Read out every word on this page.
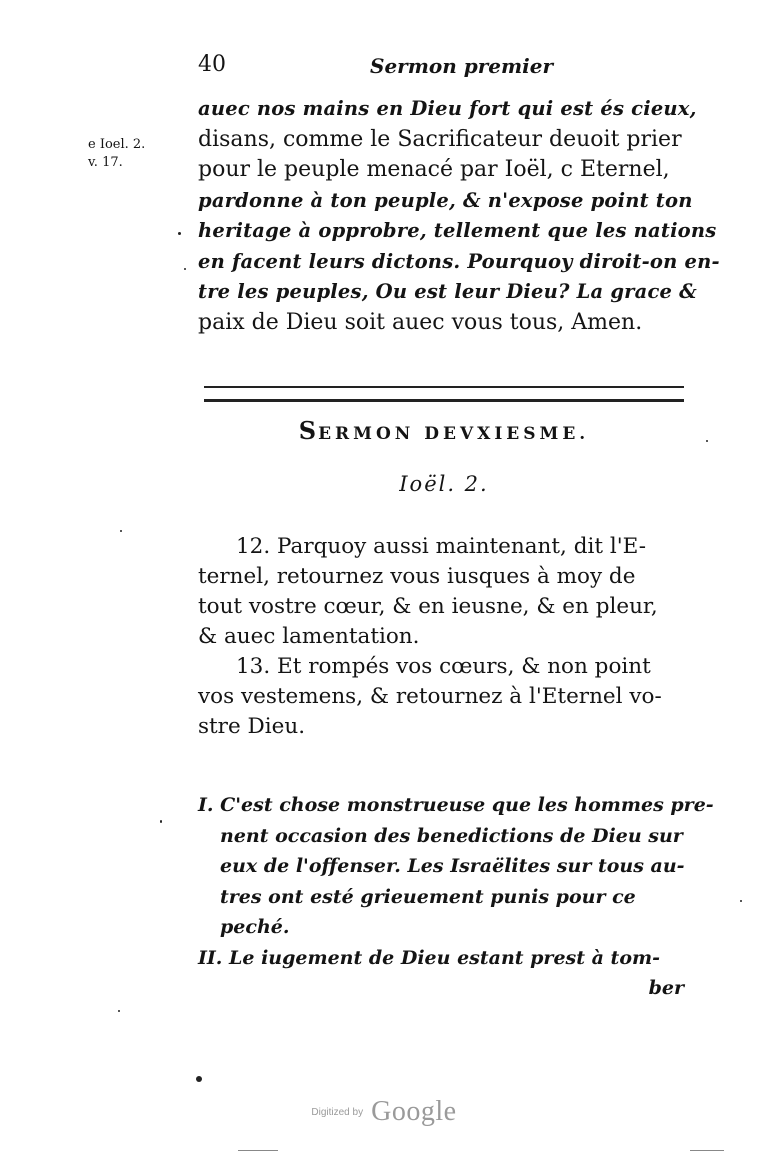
40	Sermon premier
e Ioel. 2.
v. 17.
auec nos mains en Dieu fort qui est és cieux,
disans, comme le Sacrificateur deuoit prier
pour le peuple menacé par Ioël, c Eternel,
pardonne à ton peuple, & n'expose point ton
heritage à opprobre, tellement que les nations
en facent leurs dictons. Pourquoy diroit-on en-
tre les peuples, Ou est leur Dieu? La grace &
paix de Dieu soit auec vous tous, Amen.
SERMON DEVXIESME.
Ioël. 2.
12. Parquoy aussi maintenant, dit l'E-
ternel, retournez vous iusques à moy de
tout vostre cœur, & en ieusne, & en pleur,
& auec lamentation.
13. Et rompés vos cœurs, & non point
vos vestemens, & retournez à l'Eternel vo-
stre Dieu.
I. C'est chose monstrueuse que les hommes pre-
nent occasion des benedictions de Dieu sur
eux de l'offenser. Les Israëlites sur tous au-
tres ont esté grieuement punis pour ce
peché.
II. Le iugement de Dieu estant prest à tom-
ber
Digitized by Google
